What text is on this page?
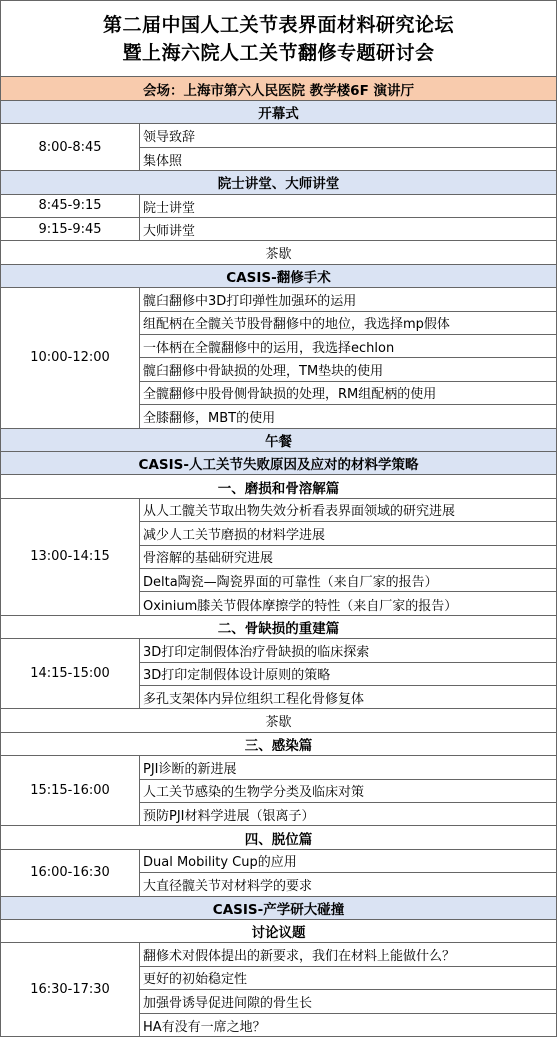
第二届中国人工关节表界面材料研究论坛
暨上海六院人工关节翻修专题研讨会
会场：上海市第六人民医院 教学楼6F 演讲厅
开幕式
8:00-8:45
领导致辞
集体照
院士讲堂、大师讲堂
8:45-9:15	院士讲堂
9:15-9:45	大师讲堂
茶歇
CASIS-翻修手术
10:00-12:00
髋臼翻修中3D打印弹性加强环的运用
组配柄在全髋关节股骨翻修中的地位，我选择mp假体
一体柄在全髋翻修中的运用，我选择echlon
髋臼翻修中骨缺损的处理，TM垫块的使用
全髋翻修中股骨侧骨缺损的处理，RM组配柄的使用
全膝翻修，MBT的使用
午餐
CASIS-人工关节失败原因及应对的材料学策略
一、磨损和骨溶解篇
13:00-14:15
从人工髋关节取出物失效分析看表界面领域的研究进展
减少人工关节磨损的材料学进展
骨溶解的基础研究进展
Delta陶瓷—陶瓷界面的可靠性（来自厂家的报告）
Oxinium膝关节假体摩擦学的特性（来自厂家的报告）
二、骨缺损的重建篇
14:15-15:00
3D打印定制假体治疗骨缺损的临床探索
3D打印定制假体设计原则的策略
多孔支架体内异位组织工程化骨修复体
茶歇
三、感染篇
15:15-16:00
PJI诊断的新进展
人工关节感染的生物学分类及临床对策
预防PJI材料学进展（银离子）
四、脱位篇
16:00-16:30
Dual Mobility Cup的应用
大直径髋关节对材料学的要求
CASIS-产学研大碰撞
讨论议题
16:30-17:30
翻修术对假体提出的新要求，我们在材料上能做什么？
更好的初始稳定性
加强骨诱导促进间隙的骨生长
HA有没有一席之地？
